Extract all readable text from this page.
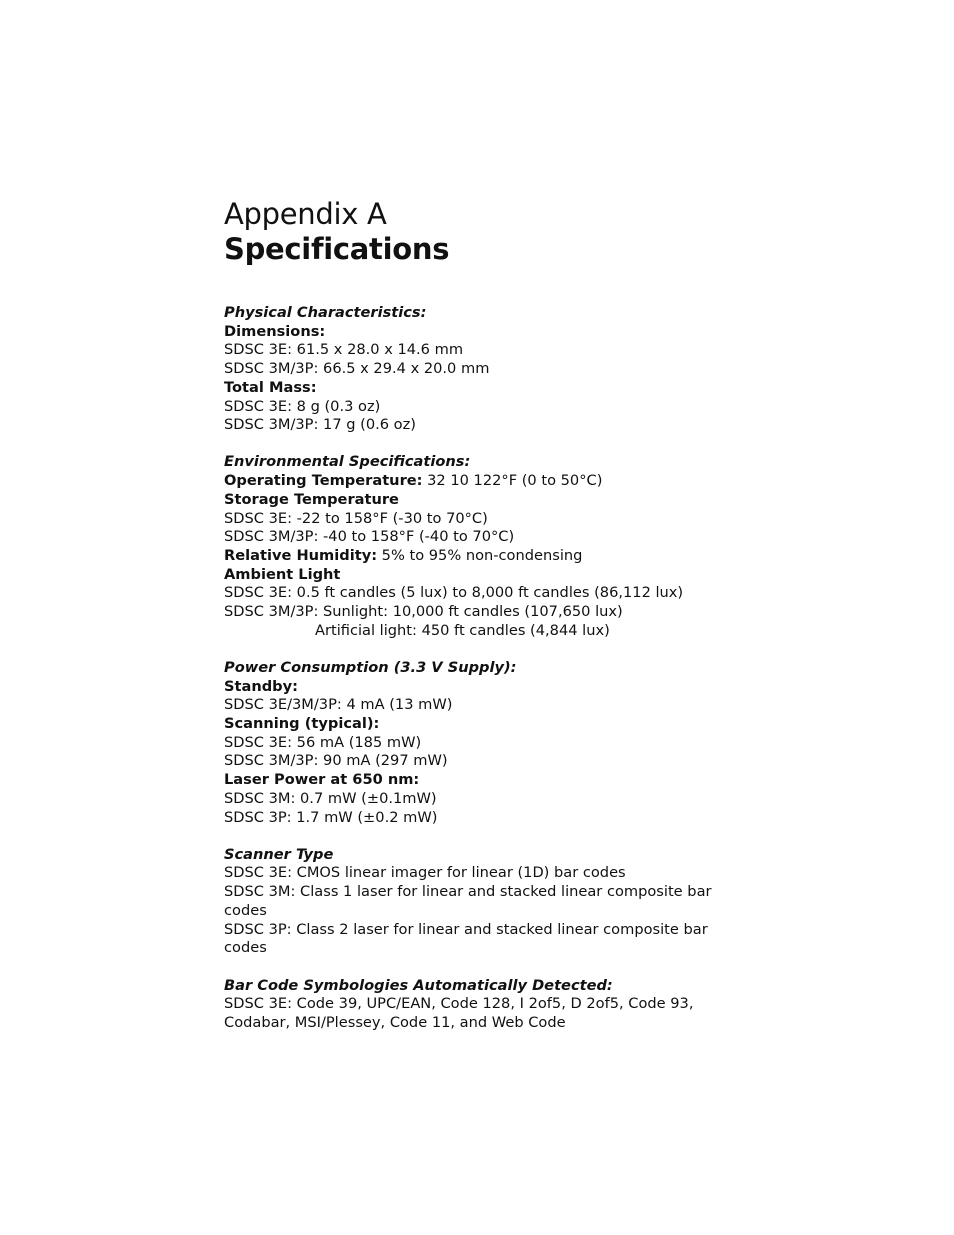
Appendix A
Specifications
Physical Characteristics:
Dimensions:
SDSC 3E: 61.5 x 28.0 x 14.6 mm
SDSC 3M/3P: 66.5 x 29.4 x 20.0 mm
Total Mass:
SDSC 3E: 8 g (0.3 oz)
SDSC 3M/3P: 17 g (0.6 oz)
Environmental Specifications:
Operating Temperature: 32 10 122°F (0 to 50°C)
Storage Temperature
SDSC 3E: -22 to 158°F (-30 to 70°C)
SDSC 3M/3P: -40 to 158°F (-40 to 70°C)
Relative Humidity: 5% to 95% non-condensing
Ambient Light
SDSC 3E: 0.5 ft candles (5 lux) to 8,000 ft candles (86,112 lux)
SDSC 3M/3P: Sunlight: 10,000 ft candles (107,650 lux)
Artificial light: 450 ft candles (4,844 lux)
Power Consumption (3.3 V Supply):
Standby:
SDSC 3E/3M/3P: 4 mA (13 mW)
Scanning (typical):
SDSC 3E: 56 mA (185 mW)
SDSC 3M/3P: 90 mA (297 mW)
Laser Power at 650 nm:
SDSC 3M: 0.7 mW (±0.1mW)
SDSC 3P: 1.7 mW (±0.2 mW)
Scanner Type
SDSC 3E: CMOS linear imager for linear (1D) bar codes
SDSC 3M: Class 1 laser for linear and stacked linear composite bar codes
SDSC 3P: Class 2 laser for linear and stacked linear composite bar codes
Bar Code Symbologies Automatically Detected:
SDSC 3E: Code 39, UPC/EAN, Code 128, I 2of5, D 2of5, Code 93, Codabar, MSI/Plessey, Code 11, and Web Code
